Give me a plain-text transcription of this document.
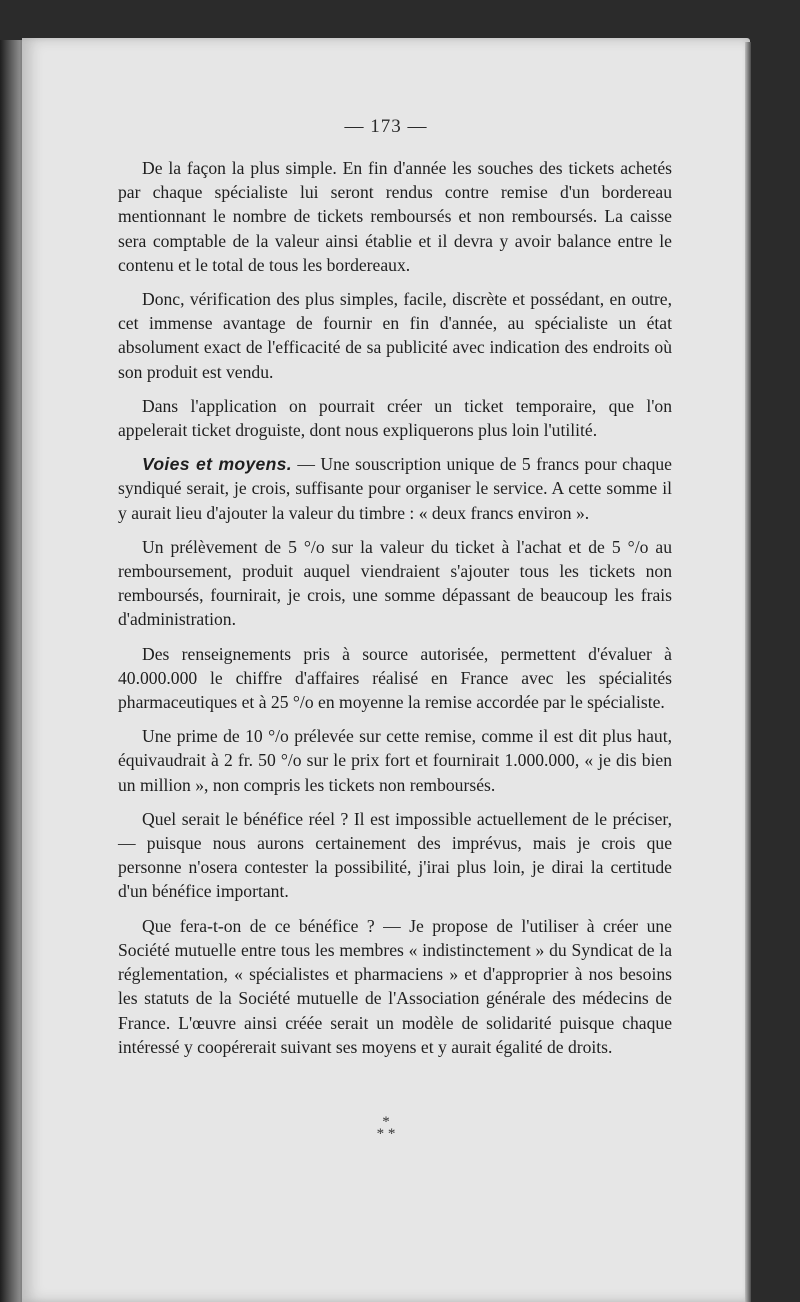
— 173 —

De la façon la plus simple. En fin d'année les souches des tickets achetés par chaque spécialiste lui seront rendus contre remise d'un bordereau mentionnant le nombre de tickets remboursés et non remboursés. La caisse sera comptable de la valeur ainsi établie et il devra y avoir balance entre le contenu et le total de tous les bordereaux.

Donc, vérification des plus simples, facile, discrète et possédant, en outre, cet immense avantage de fournir en fin d'année, au spécialiste un état absolument exact de l'efficacité de sa publicité avec indication des endroits où son produit est vendu.

Dans l'application on pourrait créer un ticket temporaire, que l'on appelerait ticket droguiste, dont nous expliquerons plus loin l'utilité.

Voies et moyens. — Une souscription unique de 5 francs pour chaque syndiqué serait, je crois, suffisante pour organiser le service. A cette somme il y aurait lieu d'ajouter la valeur du timbre : « deux francs environ ».

Un prélèvement de 5 °/o sur la valeur du ticket à l'achat et de 5 °/o au remboursement, produit auquel viendraient s'ajouter tous les tickets non remboursés, fournirait, je crois, une somme dépassant de beaucoup les frais d'administration.

Des renseignements pris à source autorisée, permettent d'évaluer à 40.000.000 le chiffre d'affaires réalisé en France avec les spécialités pharmaceutiques et à 25 °/o en moyenne la remise accordée par le spécialiste.

Une prime de 10 °/o prélevée sur cette remise, comme il est dit plus haut, équivaudrait à 2 fr. 50 °/o sur le prix fort et fournirait 1.000.000, « je dis bien un million », non compris les tickets non remboursés.

Quel serait le bénéfice réel ? Il est impossible actuellement de le préciser, — puisque nous aurons certainement des imprévus, mais je crois que personne n'osera contester la possibilité, j'irai plus loin, je dirai la certitude d'un bénéfice important.

Que fera-t-on de ce bénéfice ? — Je propose de l'utiliser à créer une Société mutuelle entre tous les membres « indistinctement » du Syndicat de la réglementation, « spécialistes et pharmaciens » et d'approprier à nos besoins les statuts de la Société mutuelle de l'Association générale des médecins de France. L'œuvre ainsi créée serait un modèle de solidarité puisque chaque intéressé y coopérerait suivant ses moyens et y aurait égalité de droits.

*
* *
